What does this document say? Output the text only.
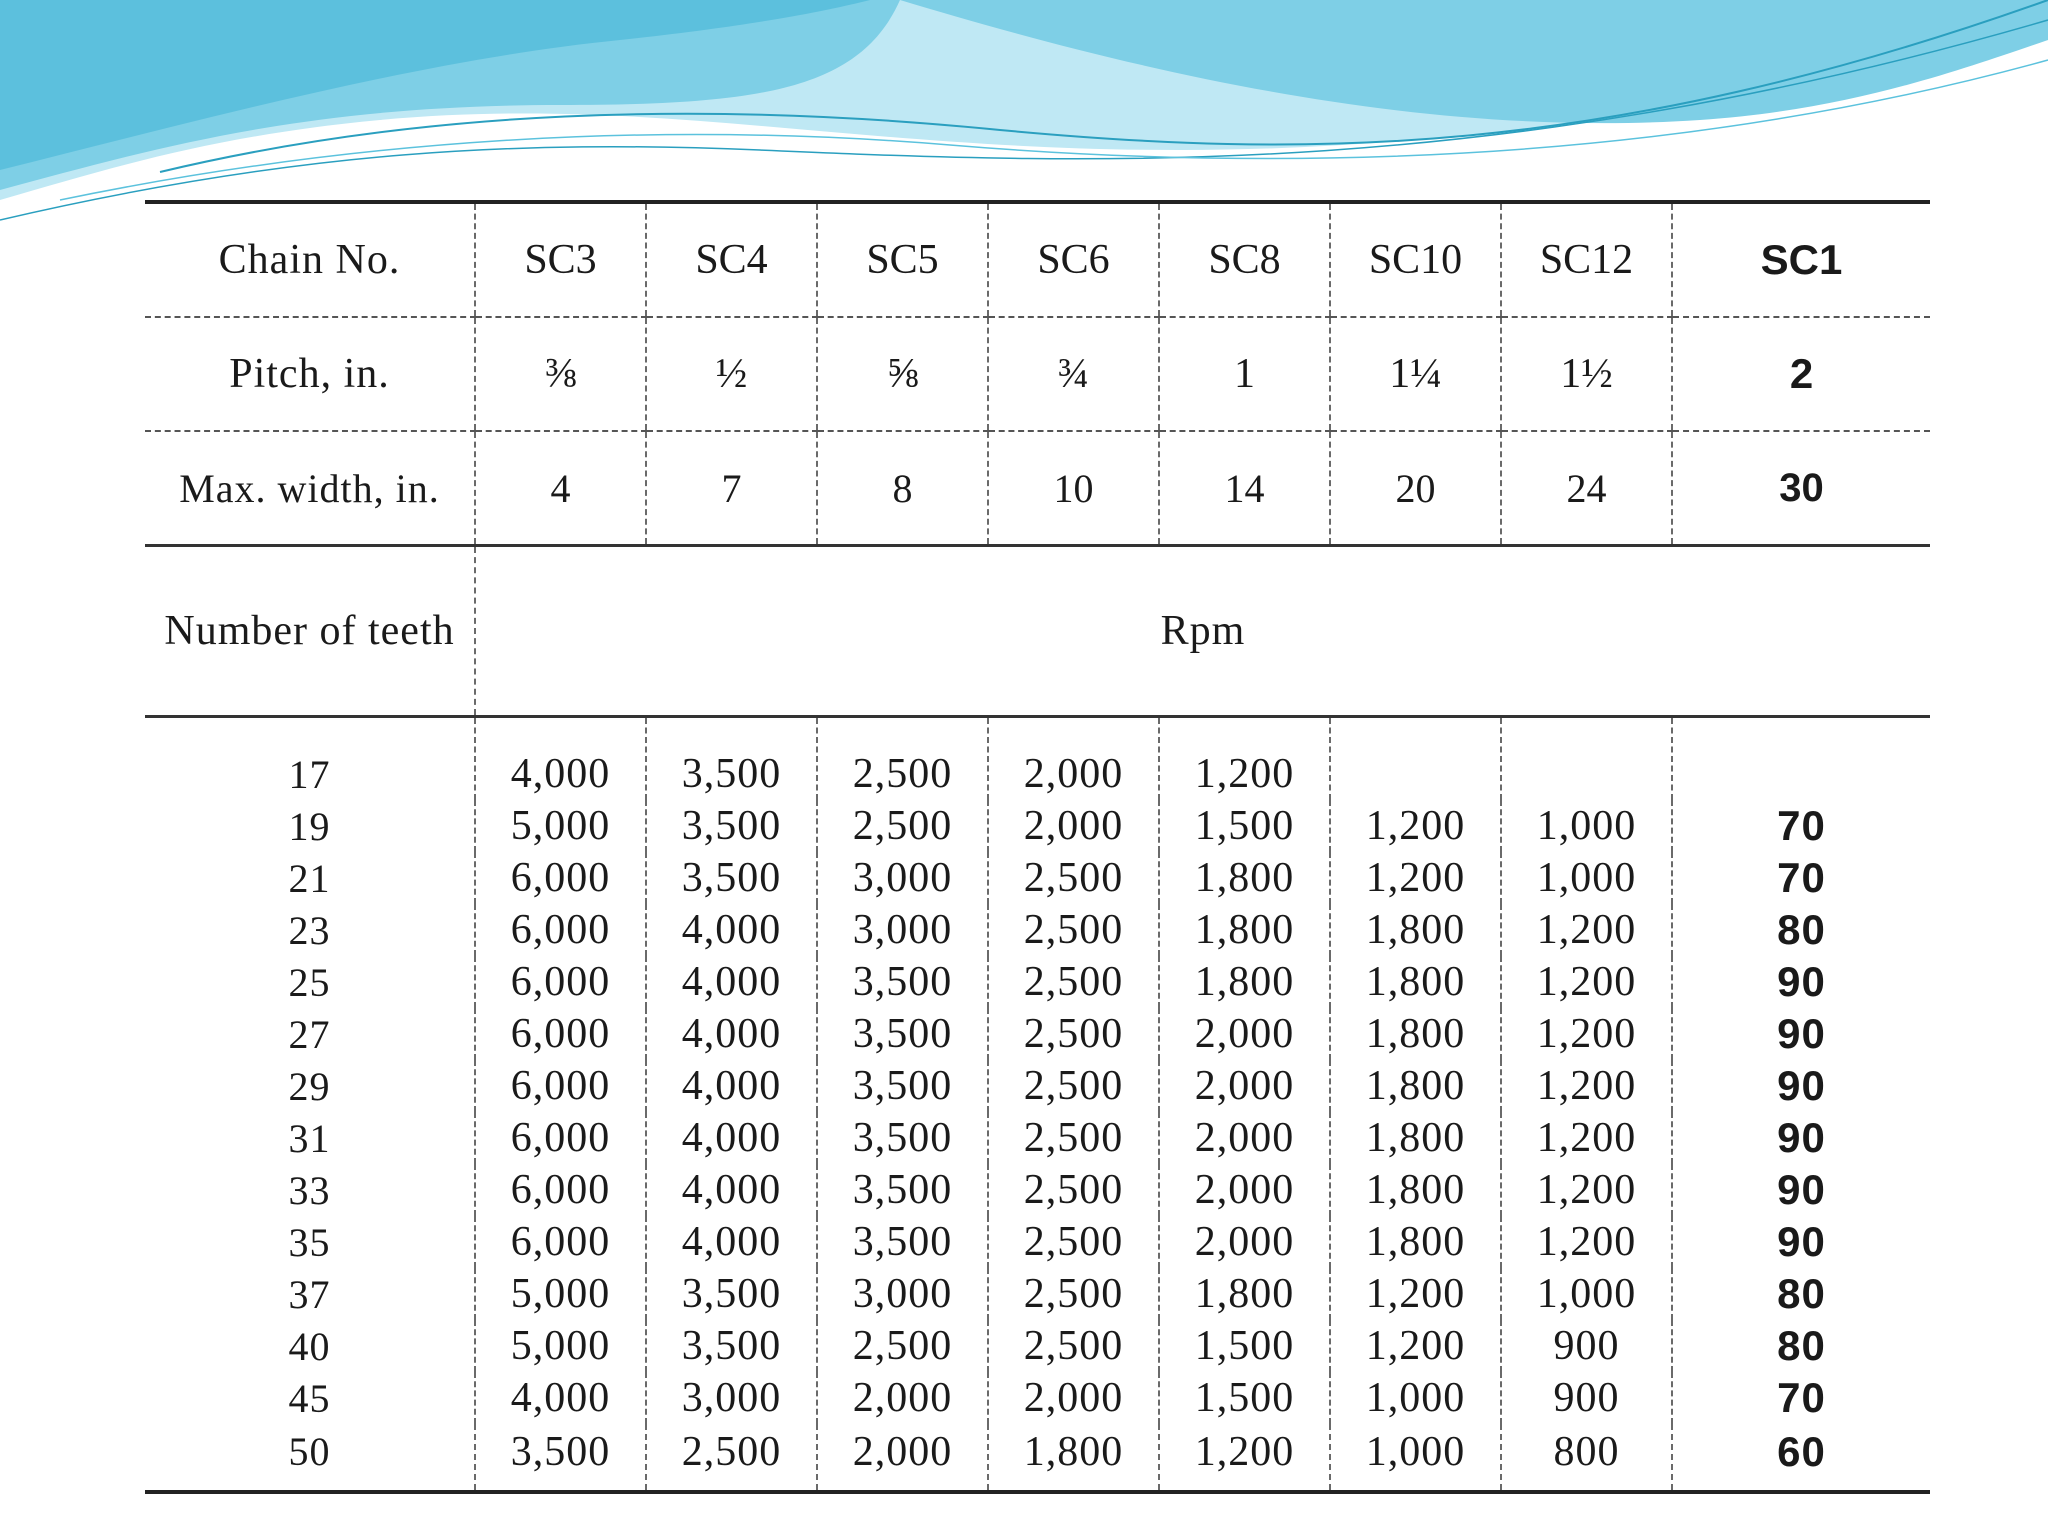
Chain No.	SC3	SC4	SC5	SC6	SC8	SC10	SC12	SC1
Pitch, in.	⅜	½	⅝	¾	1	1¼	1½	2
Max. width, in.	4	7	8	10	14	20	24	30
Number of teeth	Rpm							
17	4,000	3,500	2,500	2,000	1,200			
19	5,000	3,500	2,500	2,000	1,500	1,200	1,000	70
21	6,000	3,500	3,000	2,500	1,800	1,200	1,000	70
23	6,000	4,000	3,000	2,500	1,800	1,800	1,200	80
25	6,000	4,000	3,500	2,500	1,800	1,800	1,200	90
27	6,000	4,000	3,500	2,500	2,000	1,800	1,200	90
29	6,000	4,000	3,500	2,500	2,000	1,800	1,200	90
31	6,000	4,000	3,500	2,500	2,000	1,800	1,200	90
33	6,000	4,000	3,500	2,500	2,000	1,800	1,200	90
35	6,000	4,000	3,500	2,500	2,000	1,800	1,200	90
37	5,000	3,500	3,000	2,500	1,800	1,200	1,000	80
40	5,000	3,500	2,500	2,500	1,500	1,200	900	80
45	4,000	3,000	2,000	2,000	1,500	1,000	900	70
50	3,500	2,500	2,000	1,800	1,200	1,000	800	60
